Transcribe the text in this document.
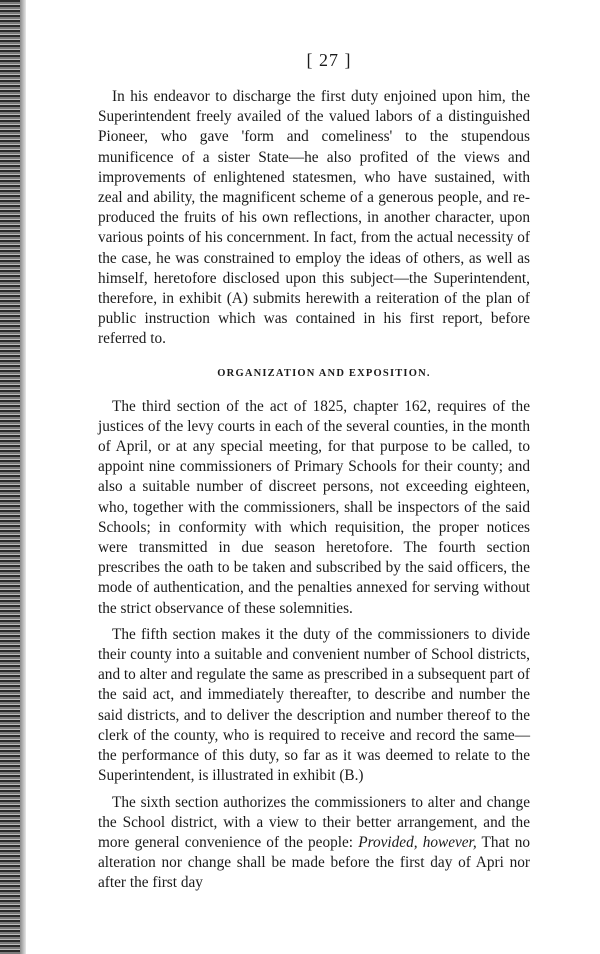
[ 27 ]

In his endeavor to discharge the first duty enjoined upon him, the Superintendent freely availed of the valued labors of a distinguished Pioneer, who gave 'form and comeliness' to the stupendous munificence of a sister State—he also profited of the views and improvements of enlightened statesmen, who have sustained, with zeal and ability, the magnificent scheme of a generous people, and re-produced the fruits of his own reflections, in another character, upon various points of his concernment. In fact, from the actual necessity of the case, he was constrained to employ the ideas of others, as well as himself, heretofore disclosed upon this subject—the Superintendent, therefore, in exhibit (A) submits herewith a reiteration of the plan of public instruction which was contained in his first report, before referred to.

ORGANIZATION AND EXPOSITION.

The third section of the act of 1825, chapter 162, requires of the justices of the levy courts in each of the several counties, in the month of April, or at any special meeting, for that purpose to be called, to appoint nine commissioners of Primary Schools for their county; and also a suitable number of discreet persons, not exceeding eighteen, who, together with the commissioners, shall be inspectors of the said Schools; in conformity with which requisition, the proper notices were transmitted in due season heretofore. The fourth section prescribes the oath to be taken and subscribed by the said officers, the mode of authentication, and the penalties annexed for serving without the strict observance of these solemnities.

The fifth section makes it the duty of the commissioners to divide their county into a suitable and convenient number of School districts, and to alter and regulate the same as prescribed in a subsequent part of the said act, and immediately thereafter, to describe and number the said districts, and to deliver the description and number thereof to the clerk of the county, who is required to receive and record the same—the performance of this duty, so far as it was deemed to relate to the Superintendent, is illustrated in exhibit (B.)

The sixth section authorizes the commissioners to alter and change the School district, with a view to their better arrangement, and the more general convenience of the people: Provided, however, That no alteration nor change shall be made before the first day of Apri nor after the first day
